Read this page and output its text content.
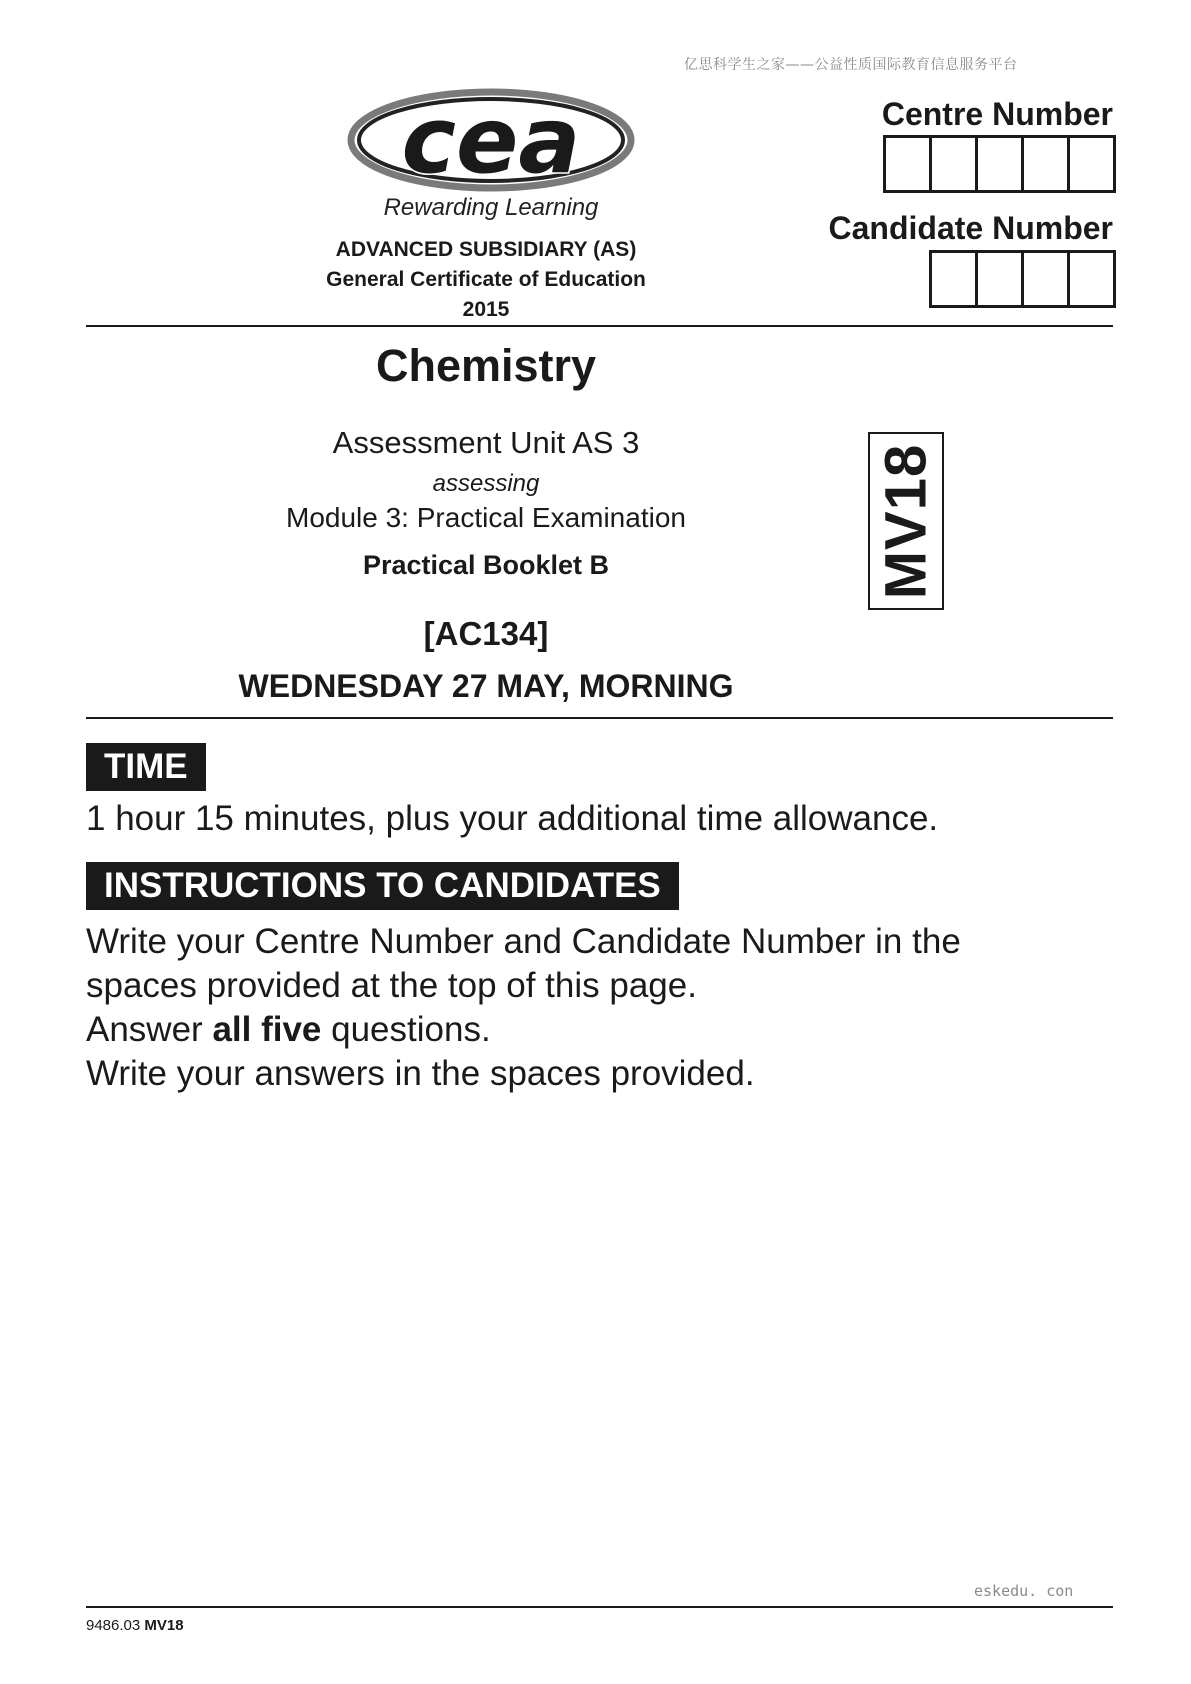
亿思科学生之家——公益性质国际教育信息服务平台
cea
Rewarding Learning
ADVANCED SUBSIDIARY (AS)
General Certificate of Education
2015
Centre Number
Candidate Number
Chemistry
Assessment Unit AS 3
assessing
Module 3: Practical Examination
Practical Booklet B
[AC134]
WEDNESDAY 27 MAY, MORNING
MV18
TIME
1 hour 15 minutes, plus your additional time allowance.
INSTRUCTIONS TO CANDIDATES
Write your Centre Number and Candidate Number in the
spaces provided at the top of this page.
Answer all five questions.
Write your answers in the spaces provided.
eskedu. con
9486.03 MV18
